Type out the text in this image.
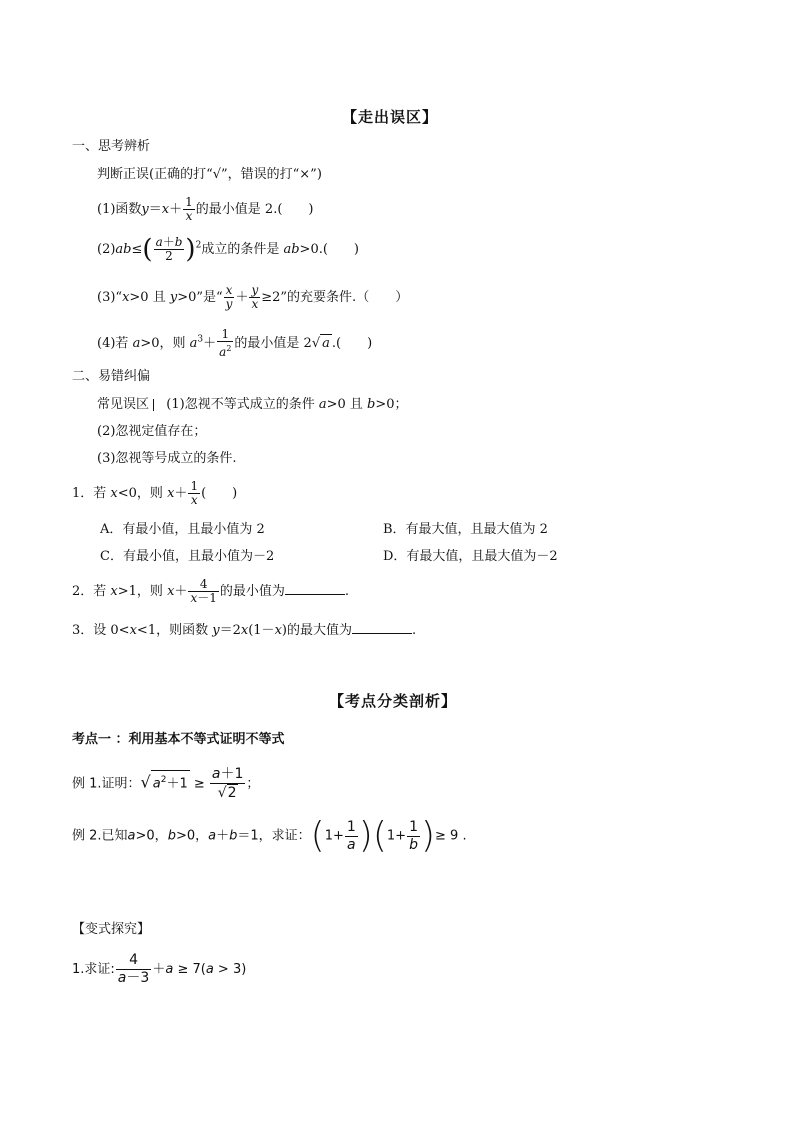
【走出误区】
一、思考辨析
判断正误(正确的打“√”，错误的打“×”)
(1)函数$y=x+ \frac{1}{x}$ 的最小值是 2.(　　)
$(2)ab\le( \frac{a+b}{2} )^2$成立的条件是 ab>0.(　　)
(3)“x>0 且 y>0”是“ $\frac{x}{y} + \frac{y}{x} \ge 2$”的充要条件.（　　）
(4)若 a>0，则 $a^3+ \frac{1}{a^2}$ 的最小值是 2√ a .(　　)
二、易错纠偏
常见误区 (1)忽视不等式成立的条件 a>0 且 b>0；
(2)忽视定值存在；
(3)忽视等号成立的条件.
1．若 x<0，则 $x+ \frac{1}{x}$ (　　)
A．有最小值，且最小值为 2	B．有最大值，且最大值为 2
C．有最小值，且最小值为－2	D．有最大值，且最大值为－2
2．若 x>1，则 $x+ \frac{4}{x-1}$ 的最小值为	.
3．设 0<x<1，则函数 y＝2x(1－x)的最大值为	.
【考点分类剖析】
考点一 ：利用基本不等式证明不等式
例 1.证明：√ $a^2+1 \ge \frac{a+1}{√2}$ ；
例 2.已知a>0，b>0，a＋b＝1，求证：$(1+ \frac{1}{a} )(1+ \frac{1}{b}$ )≥ 9 .
【变式探究】
1.求证: $\frac{4}{a-3} +a \ge 7(a > 3)$
